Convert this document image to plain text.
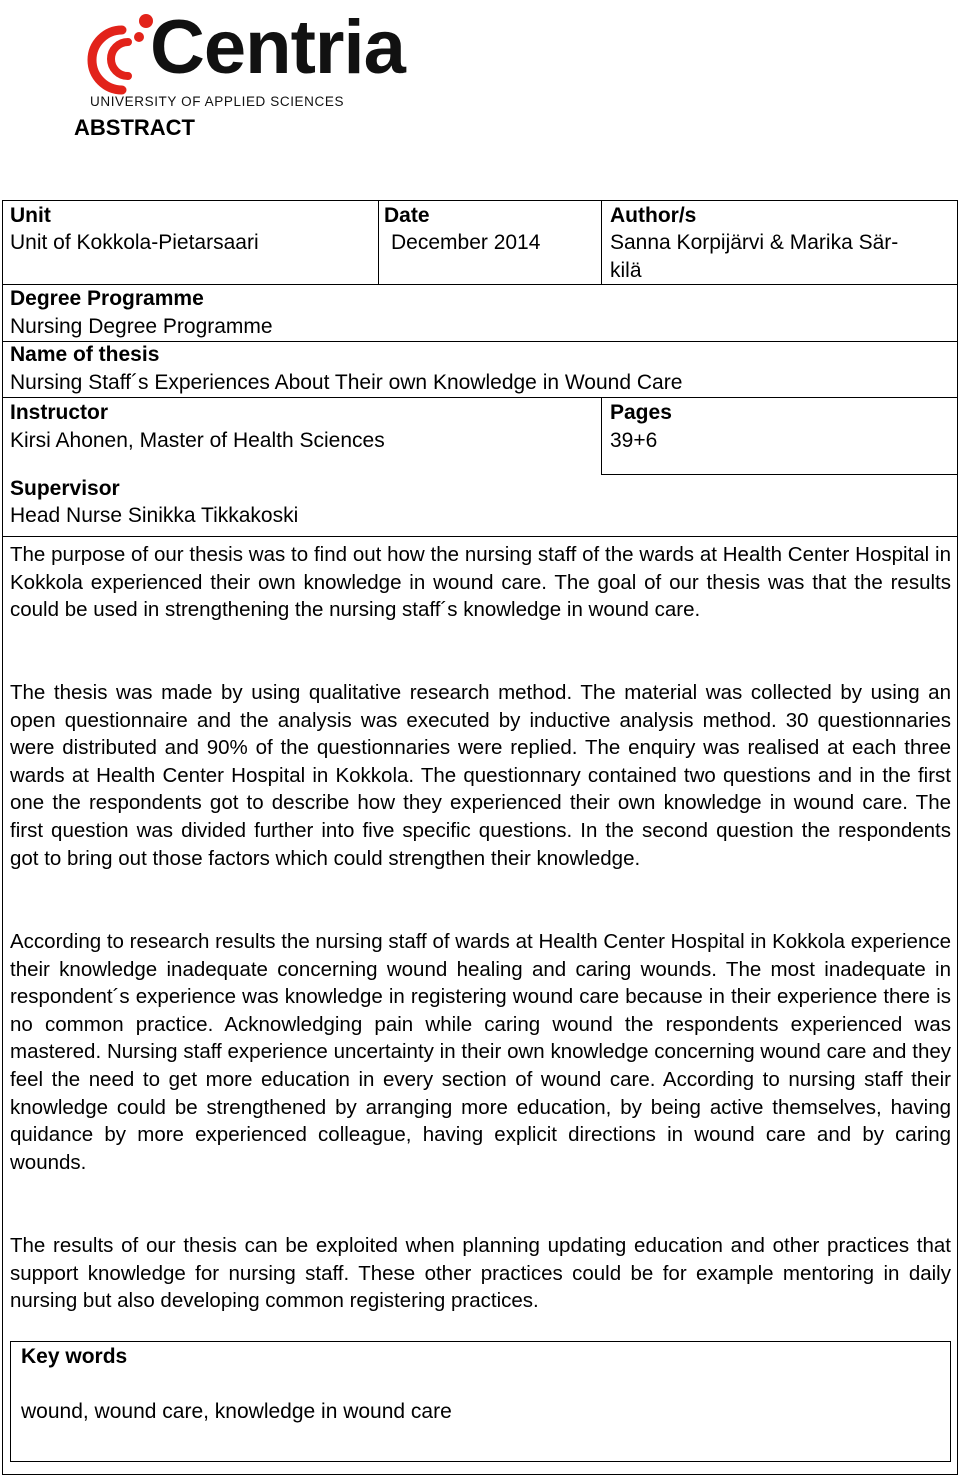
Centria
UNIVERSITY OF APPLIED SCIENCES
ABSTRACT
Unit
Unit of Kokkola-Pietarsaari
Date
December 2014
Author/s
Sanna Korpijärvi & Marika Sär-
kilä
Degree Programme
Nursing Degree Programme
Name of thesis
Nursing Staff´s Experiences About Their own Knowledge in Wound Care
Instructor
Kirsi Ahonen, Master of Health Sciences
Pages
39+6
Supervisor
Head Nurse Sinikka Tikkakoski
The purpose of our thesis was to find out how the nursing staff of the wards at Health Center Hospital in Kokkola experienced their own knowledge in wound care. The goal of our thesis was that the results could be used in strengthening the nursing staff´s knowledge in wound care.
The thesis was made by using qualitative research method. The material was collected by using an open questionnaire and the analysis was executed by inductive analysis method. 30 questionnaries were distributed and 90% of the questionnaries were replied. The enquiry was realised at each three wards at Health Center Hospital in Kokkola. The questionnary contained two questions and in the first one the respondents got to describe how they experienced their own knowledge in wound care. The first question was divided further into five specific questions. In the second question the respondents got to bring out those factors which could strengthen their knowledge.
According to research results the nursing staff of wards at Health Center Hospital in Kokkola experience their knowledge inadequate concerning wound healing and caring wounds. The most inadequate in respondent´s experience was knowledge in registering wound care because in their experience there is no common practice. Acknowledging pain while caring wound the respondents experienced was mastered. Nursing staff experience uncertainty in their own knowledge concerning wound care and they feel the need to get more education in every section of wound care. According to nursing staff their knowledge could be strengthened by arranging more education, by being active themselves, having quidance by more experienced colleague, having explicit directions in wound care and by caring wounds.
The results of our thesis can be exploited when planning updating education and other practices that support knowledge for nursing staff. These other practices could be for example mentoring in daily nursing but also developing common registering practices.
Key words
wound, wound care, knowledge in wound care
